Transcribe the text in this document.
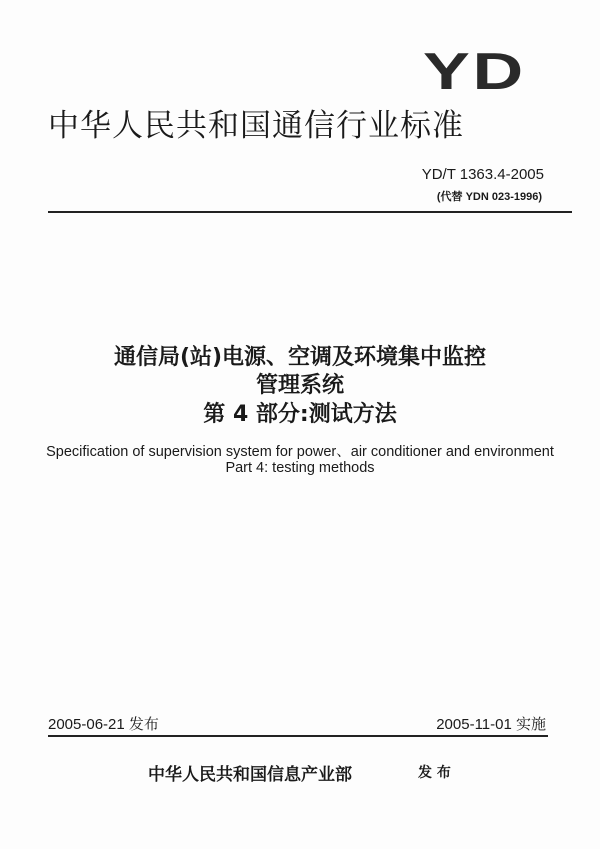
YD
中华人民共和国通信行业标准
YD/T 1363.4-2005
(代替 YDN 023-1996)
通信局(站)电源、空调及环境集中监控
管理系统
第 4 部分:测试方法
Specification of supervision system for power、air conditioner and environment
Part 4: testing methods
2005-06-21 发布	2005-11-01 实施
中华人民共和国信息产业部	发 布
